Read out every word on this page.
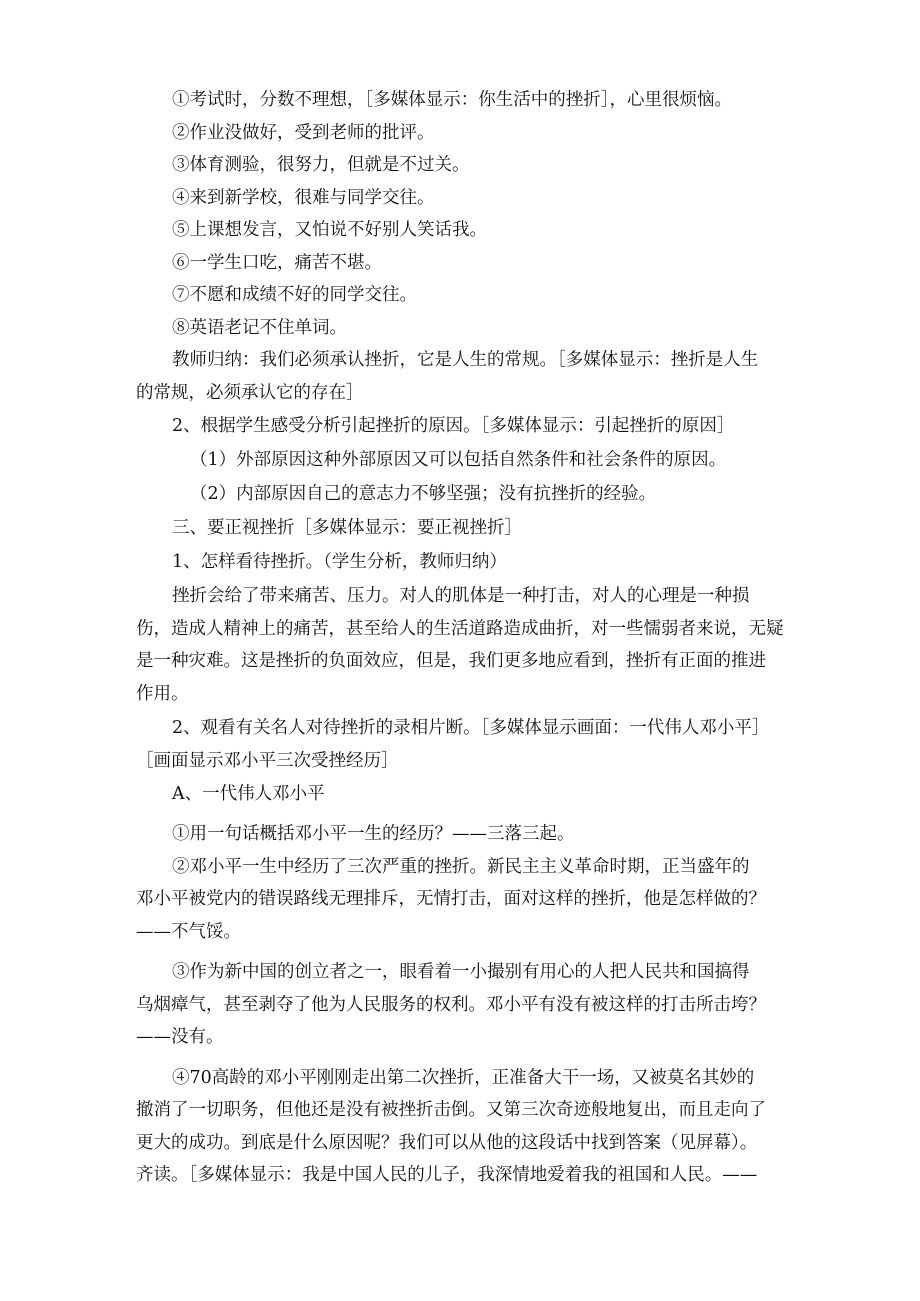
①考试时，分数不理想，［多媒体显示：你生活中的挫折］，心里很烦恼。
②作业没做好，受到老师的批评。
③体育测验，很努力，但就是不过关。
④来到新学校，很难与同学交往。
⑤上课想发言，又怕说不好别人笑话我。
⑥一学生口吃，痛苦不堪。
⑦不愿和成绩不好的同学交往。
⑧英语老记不住单词。
教师归纳：我们必须承认挫折，它是人生的常规。［多媒体显示：挫折是人生
的常规，必须承认它的存在］
2、根据学生感受分析引起挫折的原因。［多媒体显示：引起挫折的原因］
（1）外部原因这种外部原因又可以包括自然条件和社会条件的原因。
（2）内部原因自己的意志力不够坚强；没有抗挫折的经验。
三、要正视挫折［多媒体显示：要正视挫折］
1、怎样看待挫折。（学生分析，教师归纳）
挫折会给了带来痛苦、压力。对人的肌体是一种打击，对人的心理是一种损
伤，造成人精神上的痛苦，甚至给人的生活道路造成曲折，对一些懦弱者来说，无疑
是一种灾难。这是挫折的负面效应，但是，我们更多地应看到，挫折有正面的推进
作用。
2、观看有关名人对待挫折的录相片断。［多媒体显示画面：一代伟人邓小平］
［画面显示邓小平三次受挫经历］
A、一代伟人邓小平
①用一句话概括邓小平一生的经历？——三落三起。
②邓小平一生中经历了三次严重的挫折。新民主主义革命时期，正当盛年的
邓小平被党内的错误路线无理排斥，无情打击，面对这样的挫折，他是怎样做的？
——不气馁。
③作为新中国的创立者之一，眼看着一小撮别有用心的人把人民共和国搞得
乌烟瘴气，甚至剥夺了他为人民服务的权利。邓小平有没有被这样的打击所击垮？
——没有。
④70高龄的邓小平刚刚走出第二次挫折，正准备大干一场，又被莫名其妙的
撤消了一切职务，但他还是没有被挫折击倒。又第三次奇迹般地复出，而且走向了
更大的成功。到底是什么原因呢？我们可以从他的这段话中找到答案（见屏幕）。
齐读。［多媒体显示：我是中国人民的儿子，我深情地爱着我的祖国和人民。——
